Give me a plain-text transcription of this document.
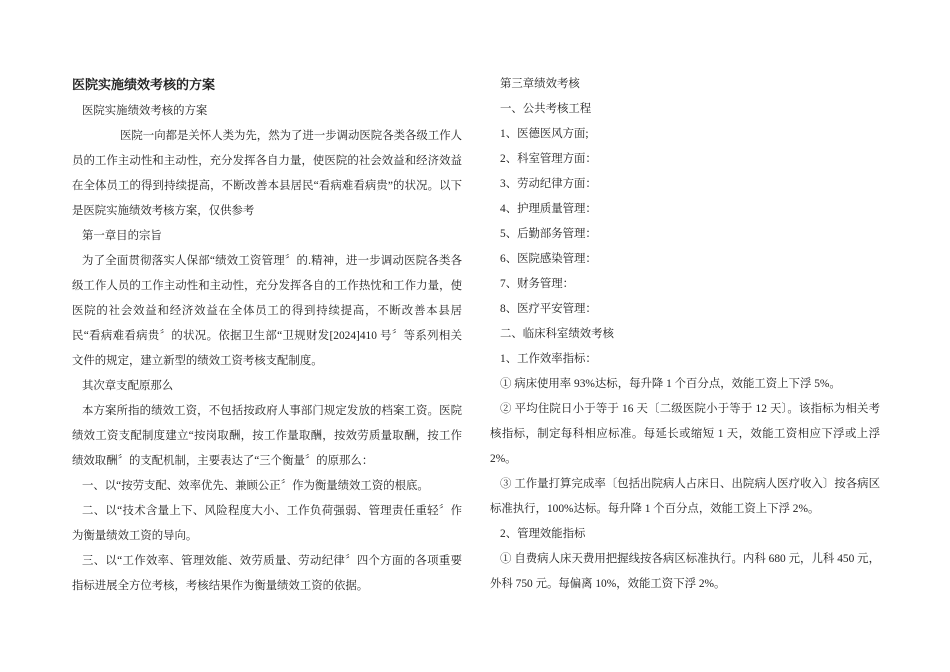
医院实施绩效考核的方案

医院实施绩效考核的方案

医院一向都是关怀人类为先，然为了进一步调动医院各类各级工作人员的工作主动性和主动性，充分发挥各自力量，使医院的社会效益和经济效益在全体员工的得到持续提高，不断改善本县居民“看病难看病贵”的状况。以下是医院实施绩效考核方案，仅供参考

第一章目的宗旨

为了全面贯彻落实人保部“绩效工资管理〞的.精神，进一步调动医院各类各级工作人员的工作主动性和主动性，充分发挥各自的工作热忱和工作力量，使医院的社会效益和经济效益在全体员工的得到持续提高，不断改善本县居民“看病难看病贵〞的状况。依据卫生部“卫规财发[2024]410 号〞等系列相关文件的规定，建立新型的绩效工资考核支配制度。

其次章支配原那么

本方案所指的绩效工资，不包括按政府人事部门规定发放的档案工资。医院绩效工资支配制度建立“按岗取酬，按工作量取酬，按效劳质量取酬，按工作绩效取酬〞的支配机制，主要表达了“三个衡量〞的原那么：

一、以“按劳支配、效率优先、兼顾公正〞作为衡量绩效工资的根底。

二、以“技术含量上下、风险程度大小、工作负荷强弱、管理责任重轻〞作为衡量绩效工资的导向。

三、以“工作效率、管理效能、效劳质量、劳动纪律〞四个方面的各项重要指标进展全方位考核，考核结果作为衡量绩效工资的依据。

第三章绩效考核

一、公共考核工程

1、医德医风方面;

2、科室管理方面：

3、劳动纪律方面：

4、护理质量管理：

5、后勤部务管理：

6、医院感染管理：

7、财务管理：

8、医疗平安管理：

二、临床科室绩效考核

1、工作效率指标：

① 病床使用率 93%达标，每升降 1 个百分点，效能工资上下浮 5%。

② 平均住院日小于等于 16 天〔二级医院小于等于 12 天〕。该指标为相关考核指标，制定每科相应标准。每延长或缩短 1 天，效能工资相应下浮或上浮 2%。

③ 工作量打算完成率〔包括出院病人占床日、出院病人医疗收入〕按各病区标准执行，100%达标。每升降 1 个百分点，效能工资上下浮 2%。

2、管理效能指标

① 自费病人床天费用把握线按各病区标准执行。内科 680 元，儿科 450 元，外科 750 元。每偏离 10%，效能工资下浮 2%。
